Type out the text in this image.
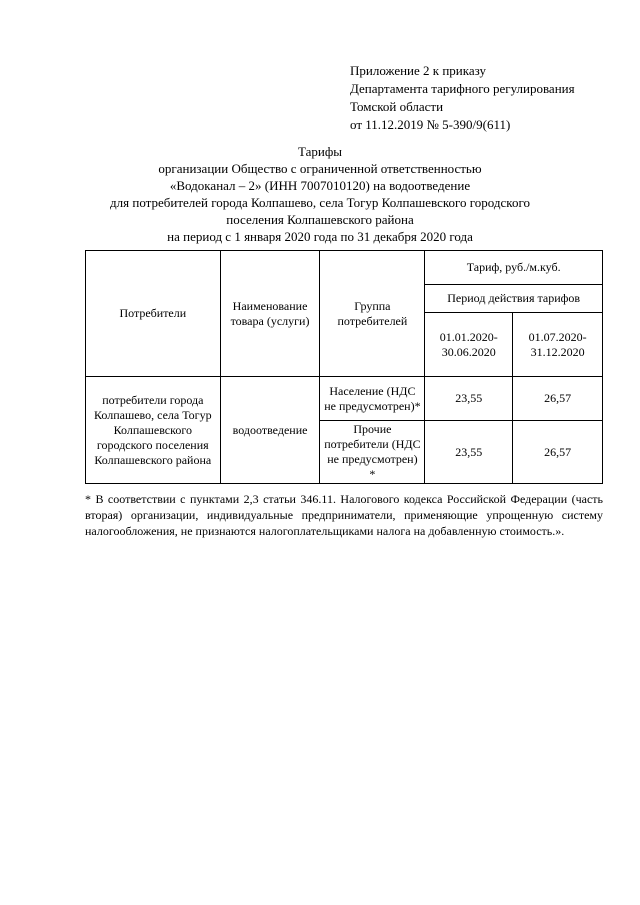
Приложение 2 к приказу
Департамента тарифного регулирования
Томской области
от 11.12.2019 № 5-390/9(611)
Тарифы
организации Общество с ограниченной ответственностью
«Водоканал – 2» (ИНН 7007010120) на водоотведение
для потребителей города Колпашево, села Тогур Колпашевского городского
поселения Колпашевского района
на период с 1 января 2020 года по 31 декабря 2020 года
Потребители	Наименование товара (услуги)	Группа потребителей	Тариф, руб./м.куб.	
			Период действия тарифов	
			01.01.2020-30.06.2020	01.07.2020-31.12.2020
потребители города Колпашево, села Тогур Колпашевского городского поселения Колпашевского района	водоотведение	Население (НДС не предусмотрен)*	23,55	26,57
		Прочие потребители (НДС не предусмотрен) *	23,55	26,57
* В соответствии с пунктами 2,3 статьи 346.11. Налогового кодекса Российской Федерации (часть вторая) организации, индивидуальные предприниматели, применяющие упрощенную систему налогообложения, не признаются налогоплательщиками налога на добавленную стоимость.».
